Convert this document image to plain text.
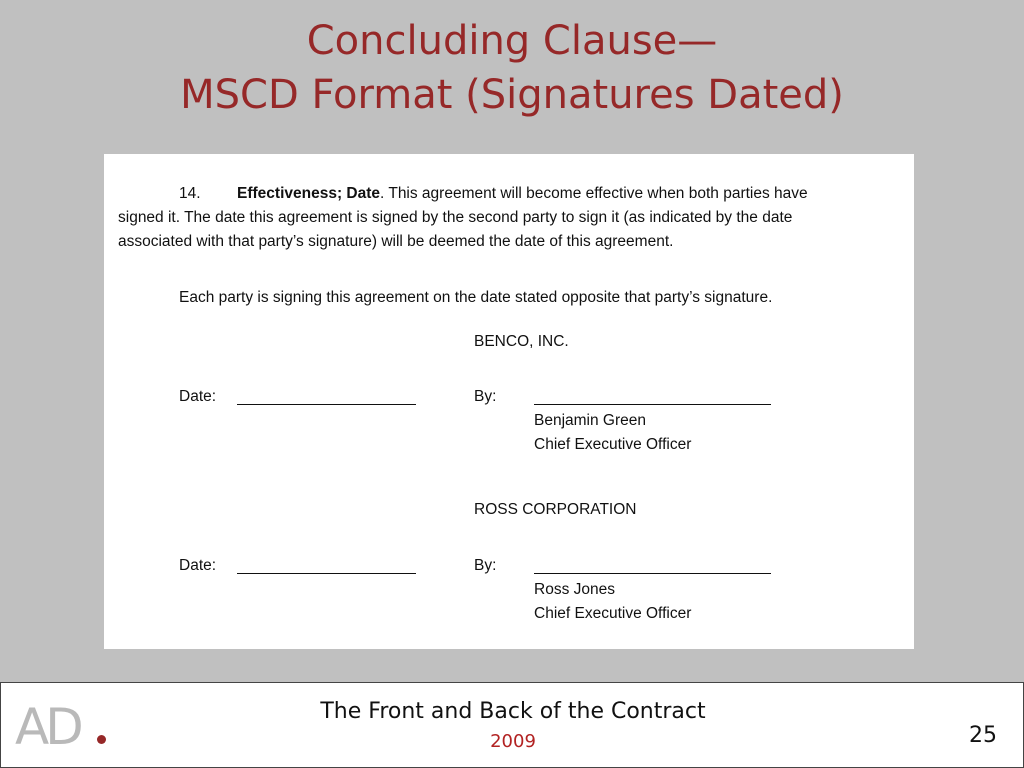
Concluding Clause—
MSCD Format (Signatures Dated)
14. Effectiveness; Date. This agreement will become effective when both parties have
signed it. The date this agreement is signed by the second party to sign it (as indicated by the date
associated with that party’s signature) will be deemed the date of this agreement.
Each party is signing this agreement on the date stated opposite that party’s signature.
BENCO, INC.
Date:	By:
Benjamin Green
Chief Executive Officer
ROSS CORPORATION
Date:	By:
Ross Jones
Chief Executive Officer
AD	The Front and Back of the Contract
2009	25
